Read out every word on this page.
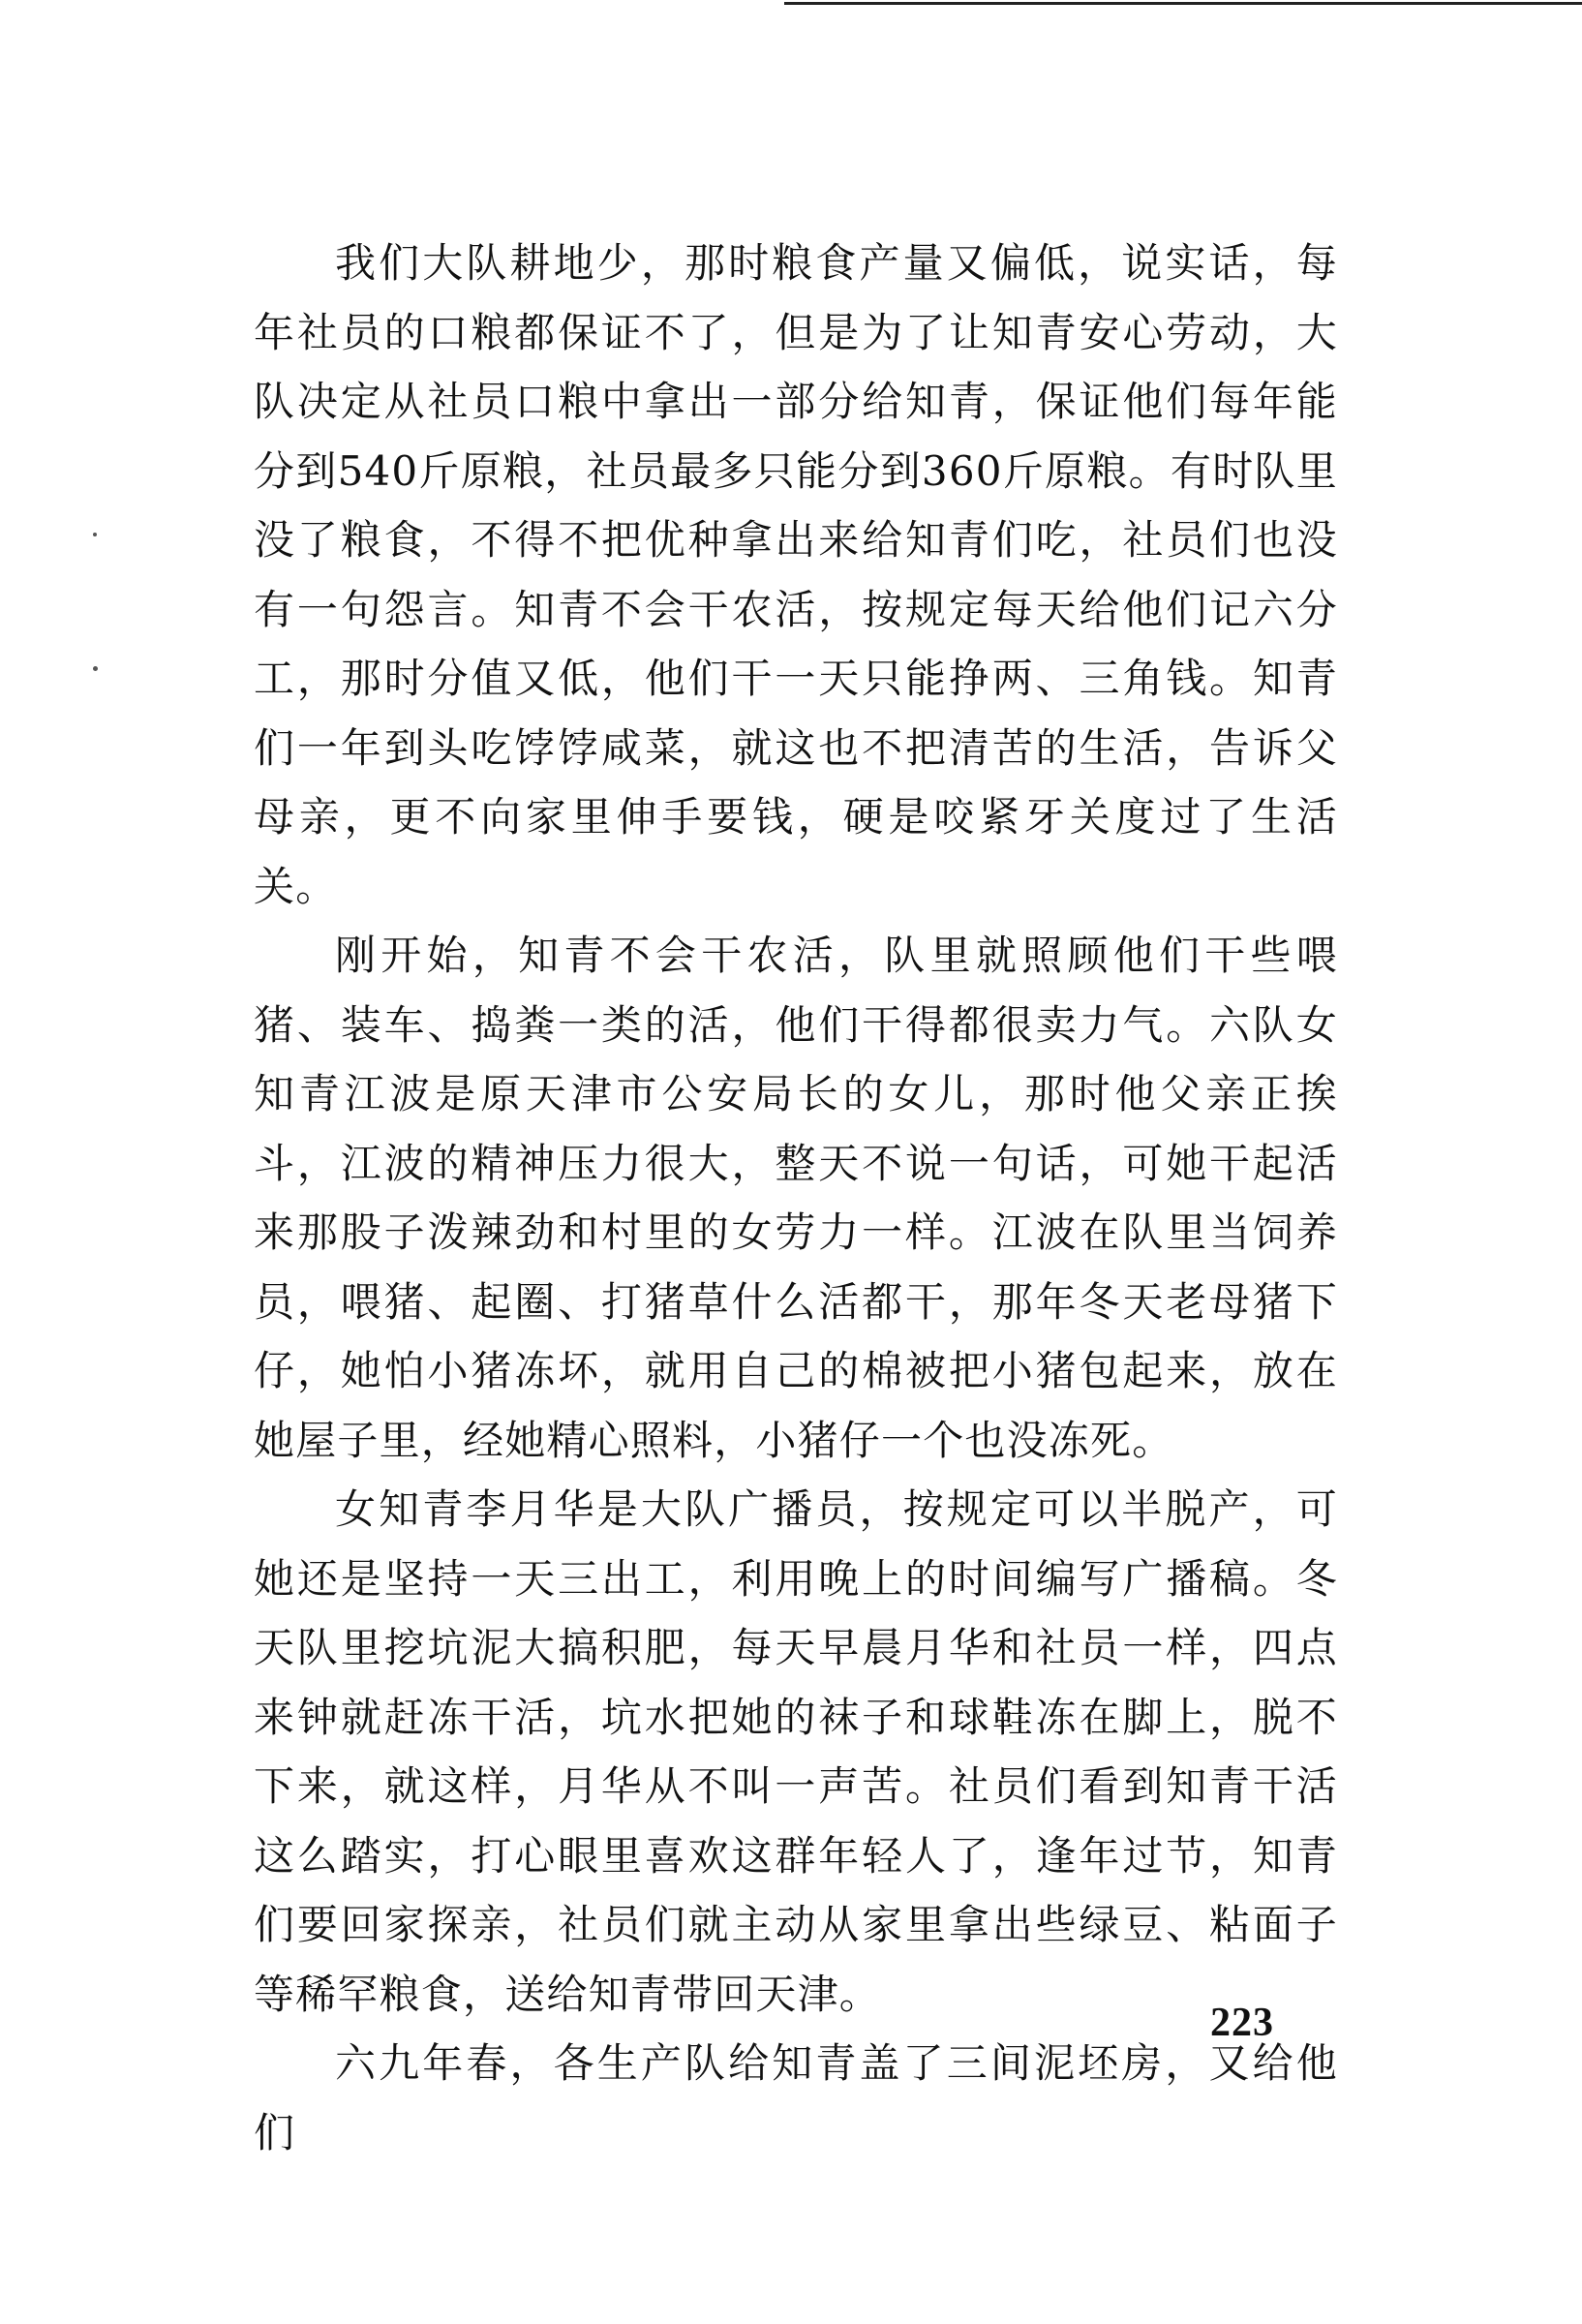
我们大队耕地少，那时粮食产量又偏低，说实话，每年社员的口粮都保证不了，但是为了让知青安心劳动，大队决定从社员口粮中拿出一部分给知青，保证他们每年能分到540斤原粮，社员最多只能分到360斤原粮。有时队里没了粮食，不得不把优种拿出来给知青们吃，社员们也没有一句怨言。知青不会干农活，按规定每天给他们记六分工，那时分值又低，他们干一天只能挣两、三角钱。知青们一年到头吃饽饽咸菜，就这也不把清苦的生活，告诉父母亲，更不向家里伸手要钱，硬是咬紧牙关度过了生活关。

刚开始，知青不会干农活，队里就照顾他们干些喂猪、装车、捣粪一类的活，他们干得都很卖力气。六队女知青江波是原天津市公安局长的女儿，那时他父亲正挨斗，江波的精神压力很大，整天不说一句话，可她干起活来那股子泼辣劲和村里的女劳力一样。江波在队里当饲养员，喂猪、起圈、打猪草什么活都干，那年冬天老母猪下仔，她怕小猪冻坏，就用自己的棉被把小猪包起来，放在她屋子里，经她精心照料，小猪仔一个也没冻死。

女知青李月华是大队广播员，按规定可以半脱产，可她还是坚持一天三出工，利用晚上的时间编写广播稿。冬天队里挖坑泥大搞积肥，每天早晨月华和社员一样，四点来钟就赶冻干活，坑水把她的袜子和球鞋冻在脚上，脱不下来，就这样，月华从不叫一声苦。社员们看到知青干活这么踏实，打心眼里喜欢这群年轻人了，逢年过节，知青们要回家探亲，社员们就主动从家里拿出些绿豆、粘面子等稀罕粮食，送给知青带回天津。

六九年春，各生产队给知青盖了三间泥坯房，又给他们

223
